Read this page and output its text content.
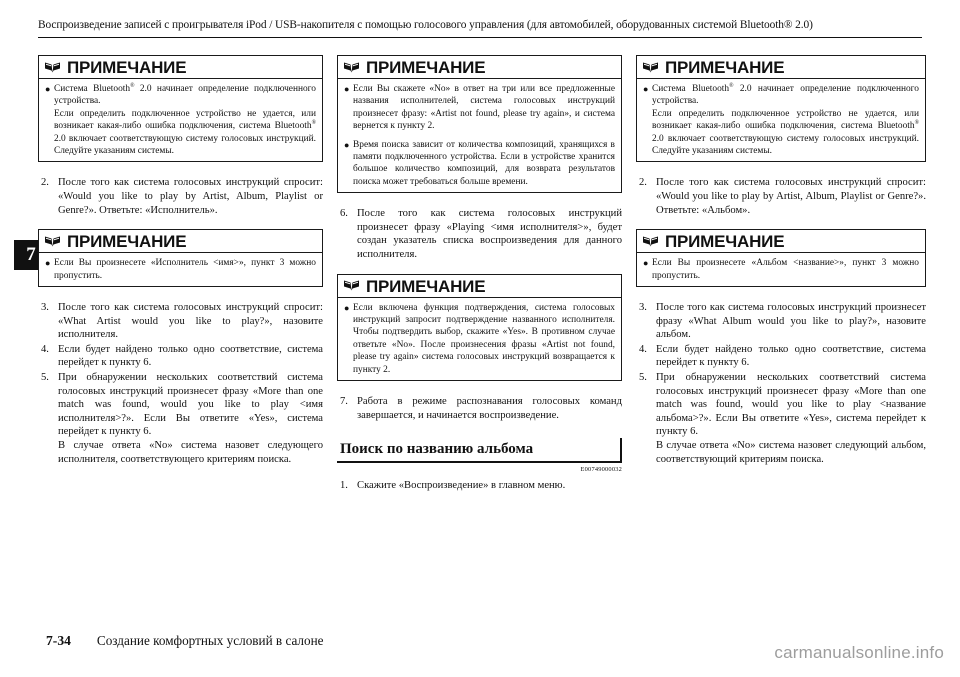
Воспроизведение записей с проигрывателя iPod / USB-накопителя с помощью голосового управления (для автомобилей, оборудованных системой Bluetooth® 2.0)
7
ПРИМЕЧАНИЕ
● Система Bluetooth® 2.0 начинает определение подключенного устройства.
Если определить подключенное устройство не удается, или возникает какая-либо ошибка подключения, система Bluetooth® 2.0 включает соответствующую систему голосовых инструкций. Следуйте указаниям системы.
2. После того как система голосовых инструкций спросит: «Would you like to play by Artist, Album, Playlist or Genre?». Ответьте: «Исполнитель».
ПРИМЕЧАНИЕ
● Если Вы произнесете «Исполнитель <имя>», пункт 3 можно пропустить.
3. После того как система голосовых инструкций спросит: «What Artist would you like to play?», назовите исполнителя.
4. Если будет найдено только одно соответствие, система перейдет к пункту 6.
5. При обнаружении нескольких соответствий система голосовых инструкций произнесет фразу «More than one match was found, would you like to play <имя исполнителя>?». Если Вы ответите «Yes», система перейдет к пункту 6.

В случае ответа «No» система назовет следующего исполнителя, соответствующего критериям поиска.

ПРИМЕЧАНИЕ
● Если Вы скажете «No» в ответ на три или все предложенные названия исполнителей, система голосовых инструкций произнесет фразу: «Artist not found, please try again», и система вернется к пункту 2.
● Время поиска зависит от количества композиций, хранящихся в памяти подключенного устройства. Если в устройстве хранится большое количество композиций, для возврата результатов поиска может требоваться больше времени.
6. После того как система голосовых инструкций произнесет фразу «Playing <имя исполнителя>», будет создан указатель списка воспроизведения для данного исполнителя.
ПРИМЕЧАНИЕ
● Если включена функция подтверждения, система голосовых инструкций запросит подтверждение названного исполнителя. Чтобы подтвердить выбор, скажите «Yes». В противном случае ответьте «No». После произнесения фразы «Artist not found, please try again» система голосовых инструкций возвращается к пункту 2.
7. Работа в режиме распознавания голосовых команд завершается, и начинается воспроизведение.
Поиск по названию альбома
E00749000032
1. Скажите «Воспроизведение» в главном меню.
ПРИМЕЧАНИЕ
● Система Bluetooth® 2.0 начинает определение подключенного устройства.
Если определить подключенное устройство не удается, или возникает какая-либо ошибка подключения, система Bluetooth® 2.0 включает соответствующую систему голосовых инструкций. Следуйте указаниям системы.
2. После того как система голосовых инструкций спросит: «Would you like to play by Artist, Album, Playlist or Genre?». Ответьте: «Альбом».
ПРИМЕЧАНИЕ
● Если Вы произнесете «Альбом <название>», пункт 3 можно пропустить.
3. После того как система голосовых инструкций произнесет фразу «What Album would you like to play?», назовите альбом.
4. Если будет найдено только одно соответствие, система перейдет к пункту 6.
5. При обнаружении нескольких соответствий система голосовых инструкций произнесет фразу «More than one match was found, would you like to play <название альбома>?». Если Вы ответите «Yes», система перейдет к пункту 6.

В случае ответа «No» система назовет следующий альбом, соответствующий критериям поиска.

7-34 Создание комфортных условий в салоне
carmanualsonline.info
